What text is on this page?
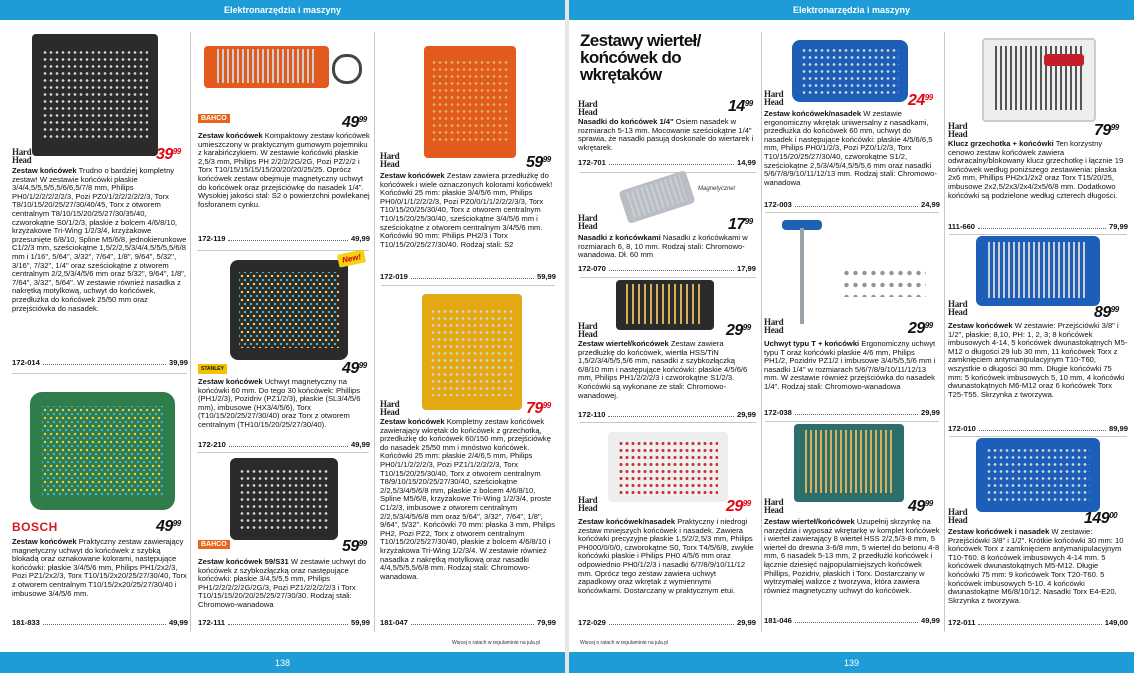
Elektronarzędzia i maszyny	Elektronarzędzia i maszyny
138	139
Hard Head	$39^{99}$
Zestaw końcówek Trudno o bardziej kompletny zestaw! W zestawie końcówki płaskie 3/4/4,5/5,5/5,5/6/6,5/7/8 mm, Philips PH0/1/2/2/2/2/2/3, Pozi PZ0/1/2/2/2/2/2/3, Torx T8/10/15/20/25/27/30/40/45, Torx z otworem centralnym T8/10/15/20/25/27/30/35/40, czworokątne S0/1/2/3, płaskie z bolcem 4/6/8/10, krzyżakowe Tri-Wing 1/2/3/4, krzyżakowe przesunięte 6/8/10, Spline M5/6/8, jednokierunkowe C1/2/3 mm, sześciokątne 1,5/2/2,5/3/4/4,5/5/5,5/6/8 mm i 1/16", 5/64", 3/32", 7/64", 1/8", 9/64", 5/32", 3/16", 7/32", 1/4" oraz sześciokątne z otworem centralnym 2/2,5/3/4/5/6 mm oraz 5/32", 9/64", 1/8", 7/64", 3/32", 5/64". W zestawie również nasadka z nakrętką motylkową, uchwyt do końcówek, przedłużka do końcówek 25/50 mm oraz przejściówka do nasadek.
172-014	39,99
BOSCH	$49^{99}$
Zestaw końcówek Praktyczny zestaw zawierający magnetyczny uchwyt do końcówek z szybką blokadą oraz oznakowane kolorami, następujące końcówki: płaskie 3/4/5/6 mm, Philips PH1/2x2/3, Pozi PZ1/2x2/3, Torx T10/15/2x20/25/27/30/40, Torx z otworem centralnym T10/15/2x20/25/27/30/40 i imbusowe 3/4/5/6 mm.
181-833	49,99
BAHCO	$49^{99}$
Zestaw końcówek Kompaktowy zestaw końcówek umieszczony w praktycznym gumowym pojemniku z karabińczykiem. W zestawie końcówki płaskie 2,5/3 mm, Philips PH 2/2/2/2G/2G, Pozi PZ/2/2 i Torx T10/15/15/15/15/20/20/20/25/25. Oprócz końcówek zestaw obejmuje magnetyczny uchwyt do końcówek oraz przejściówkę do nasadek 1/4". Wysokiej jakości stal: S2 o powierzchni powlekanej fosforanem cynku.
172-119	49,99
New!
STANLEY	$49^{99}$
Zestaw końcówek Uchwyt magnetyczny na końcówki 60 mm. Do tego 30 końcówek: Phillips (PH1/2/3), Pozidriv (PZ1/2/3), płaskie (SL3/4/5/6 mm), imbusowe (HX3/4/5/6), Torx (T10/15/20/25/27/30/40) oraz Torx z otworem centralnym (TH10/15/20/25/27/30/40).
172-210	49,99
BAHCO	$59^{99}$
Zestaw końcówek 59/S31 W zestawie uchwyt do końcówek z szybkozłączką oraz następujące końcówki: płaskie 3/4,5/5,5 mm, Philips PH1/2/2/2/2/2G/2G/3, Pozi PZ1/2/2/2/2/3 i Torx T10/15/15/20/20/25/25/27/30/30. Rodzaj stali: Chromowo-wanadowa
172-111	59,99
Hard Head	$59^{99}$
Zestaw końcówek Zestaw zawiera przedłużkę do końcówek i wiele oznaczonych kolorami końcówek! Końcówki 25 mm: płaskie 3/4/5/6 mm, Philips PH0/0/1/1/2/2/2/3, Pozi PZ0/0/1/1/2/2/2/3/3, Torx T10/15/20/25/30/40, Torx z otworem centralnym T10/15/20/25/30/40, sześciokątne 3/4/5/6 mm i sześciokątne z otworem centralnym 3/4/5/6 mm. Końcówki 90 mm: Philips PH2/3 i Torx T10/15/20/25/27/30/40. Rodzaj stali: S2
172-019	59,99
Hard Head	$79^{99}$
Zestaw końcówek Kompletny zestaw końcówek zawierający wkrętak do końcówek z grzechotką, przedłużkę do końcówek 60/150 mm, przejściówkę do nasadek 25/50 mm i mnóstwo końcówek. Końcówki 25 mm: płaskie 2/4/6,5 mm, Philips PH0/1/1/2/2/2/3, Pozi PZ1/1/2/2/2/3, Torx T10/15/20/25/30/40, Torx z otworem centralnym T8/9/10/15/20/25/27/30/40, sześciokątne 2/2,5/3/4/5/6/8 mm, płaskie z bolcem 4/6/8/10, Spline M5/6/8, krzyżakowe Tri-Wing 1/2/3/4, proste C1/2/3, imbusowe z otworem centralnym 2/2,5/3/4/5/6/8 mm oraz 5/64", 3/32", 7/64", 1/8", 9/64", 5/32". Końcówki 70 mm: płaska 3 mm, Philips PH2, Pozi PZ2, Torx z otworem centralnym T10/15/20/25/27/30/40, płaskie z bolcem 4/6/8/10 i krzyżakowa Tri-Wing 1/2/3/4. W zestawie również nasadka z nakrętką motylkową oraz nasadki 4/4,5/5/5,5/6/8 mm. Rodzaj stali: Chromowo-wanadowa.
181-047	79,99
Więcej o ratach w regulaminie na jula.pl
Zestawy wierteł/ końcówek do wkrętaków
Hard Head	$14^{99}$
Nasadki do końcówek 1/4" Osiem nasadek w rozmiarach 5-13 mm. Mocowanie sześciokątne 1/4" sprawia, że nasadki pasują doskonale do wiertarek i wkrętarek.
172-701	14,99
Magnetyczne!
Hard Head	$17^{99}$
Nasadki z końcówkami Nasadki z końcówkami w rozmiarach 6, 8, 10 mm. Rodzaj stali: Chromowo-wanadowa. Dł. 60 mm
172-070	17,99
Hard Head	$29^{99}$
Zestaw wierteł/końcówek Zestaw zawiera przedłużkę do końcówek, wiertła HSS/TiN 1,5/2/3/4/5/5,5/6 mm, nasadki z szybkozłączką 6/8/10 mm i następujące końcówki: płaskie 4/5/6/6 mm, Philips PH1/2/2/2/3 i czworokątne S1/2/3. Końcówki są wykonane ze stali: Chromowo-wanadowej.
172-110	29,99
Hard Head	$29^{99}$
Zestaw końcówek/nasadek Praktyczny i niedrogi zestaw mniejszych końcówek i nasadek. Zawiera końcówki precyzyjne płaskie 1,5/2/2,5/3 mm, Philips PH000/0/0/0, czworokątne S0, Torx T4/5/6/8, zwykłe końcówki płaskie i Philips PH0 4/5/6 mm oraz odpowiednio PH0/1/2/3 i nasadki 6/7/8/9/10/11/12 mm. Oprócz tego zestaw zawiera uchwyt zapadkowy oraz wkrętak z wymiennymi końcówkami. Dostarczany w praktycznym etui.
172-029	29,99
Więcej o ratach w regulaminie na jula.pl
Hard Head	$24^{99}$
Zestaw końcówek/nasadek W zestawie ergonomiczny wkrętak uniwersalny z nasadkami, przedłużka do końcówek 60 mm, uchwyt do nasadek i następujące końcówki: płaskie 4/5/6/6,5 mm, Philips PH0/1/2/3, Pozi PZ0/1/2/3, Torx T10/15/20/25/27/30/40, czworokątne S1/2, sześciokątne 2,5/3/4/5/4,5/5/5,6 mm oraz nasadki 5/6/7/8/9/10/11/12/13 mm. Rodzaj stali: Chromowo-wanadowa
172-003	24,99
Hard Head	$29^{99}$
Uchwyt typu T + końcówki Ergonomiczny uchwyt typu T oraz końcówki płaskie 4/6 mm, Philips PH1/2, Pozidriv PZ1/2 i imbusowe 3/4/5/5,5/6 mm i nasadki 1/4" w rozmiarach 5/6/7/8/9/10/11/12/13 mm. W zestawie również przejściówka do nasadek 1/4". Rodzaj stali: Chromowo-wanadowa
172-038	29,99
Hard Head	$49^{99}$
Zestaw wierteł/końcówek Uzupełnij skrzynkę na narzędzia i wyposaż wkrętarkę w komplet końcówek i wierteł zawierający 8 wierteł HSS 2/2,5/3-8 mm, 5 wierteł do drewna 3-6/8 mm, 5 wierteł do betonu 4-8 mm, 6 nasadek 5-13 mm, 2 przedłużki końcówek i łącznie dziesięć najpopularniejszych końcówek Phillips, Pozidriv, płaskich i Torx. Dostarczany w wytrzymałej walizce z tworzywa, która zawiera również magnetyczny uchwyt do końcówek.
181-046	49,99
Hard Head	$79^{99}$
Klucz grzechotka + końcówki Ten korzystny cenowo zestaw końcówek zawiera odwracalny/blokowany klucz grzechotkę i łącznie 19 końcówek według poniższego zestawienia: płaska 2x6 mm, Phillips PH2x1/2x2 oraz Torx T15/20/25, imbusowe 2x2,5/2x3/2x4/2x5/6/8 mm. Dodatkowo końcówki są podzielone według czterech długości.
111-660	79,99
Hard Head	$89^{99}$
Zestaw końcówek W zestawie: Przejściówki 3/8" i 1/2", płaskie: 8,10, PH: 1, 2, 3; 8 końcówek imbusowych 4-14, 5 końcówek dwunastokątnych M5-M12 o długości 29 lub 30 mm, 11 końcówek Torx z zamknięciem antymanipulacyjnym T10-T60, wszystkie o długości 30 mm. Długie końcówki 75 mm: 5 końcówek imbusowych 5, 10 mm, 4 końcówki dwunastokątnych M6-M12 oraz 6 końcówek Torx T25-T55. Skrzynka z tworzywa.
172-010	89,99
Hard Head	$149^{00}$
Zestaw końcówek i nasadek W zestawie: Przejściówki 3/8" i 1/2". Krótkie końcówki 30 mm: 10 końcówek Torx z zamknięciem antymanipulacyjnym T10-T60. 8 końcówek imbusowych 4-14 mm. 5 końcówek dwunastokątnych M5-M12. Długie końcówki 75 mm: 9 końcówek Torx T20-T60. 5 końcówek imbusowych 5-10. 4 końcówki dwunastokątne M6/8/10/12. Nasadki Torx E4-E20. Skrzynka z tworzywa.
172-011	149,00
